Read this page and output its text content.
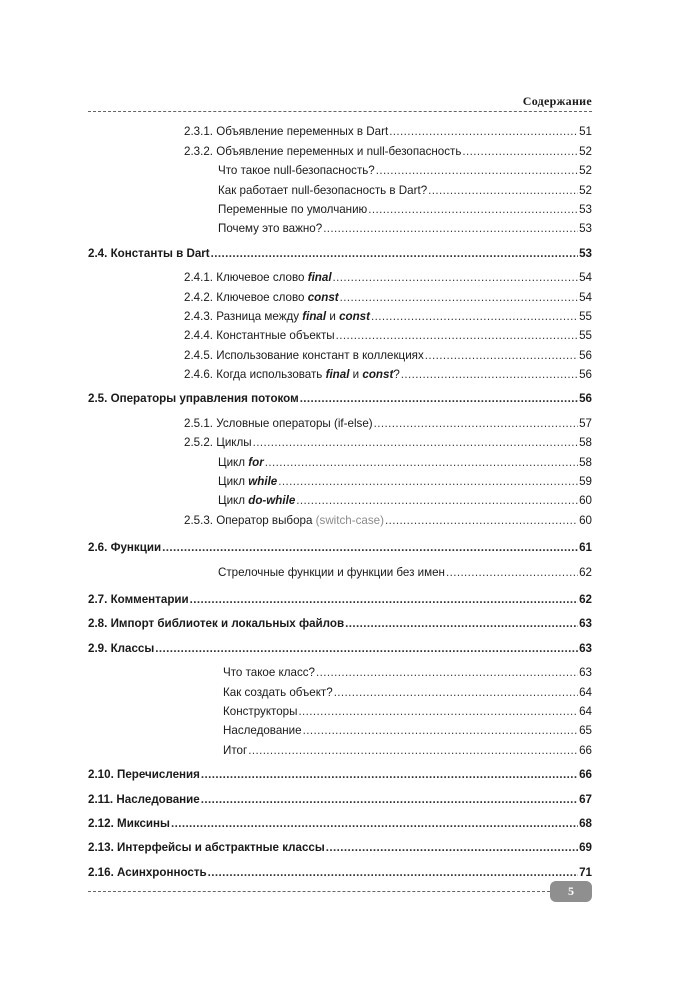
Содержание
2.3.1. Объявление переменных в Dart .....	51
2.3.2. Объявление переменных и null-безопасность .....	52
Что такое null-безопасность? .....	52
Как работает null-безопасность в Dart? .....	52
Переменные по умолчанию .....	53
Почему это важно? .....	53
2.4. Константы в Dart .....	53
2.4.1. Ключевое слово final .....	54
2.4.2. Ключевое слово const .....	54
2.4.3. Разница между final и const .....	55
2.4.4. Константные объекты .....	55
2.4.5. Использование констант в коллекциях .....	56
2.4.6. Когда использовать final и const? .....	56
2.5. Операторы управления потоком .....	56
2.5.1. Условные операторы (if-else) .....	57
2.5.2. Циклы .....	58
Цикл for .....	58
Цикл while .....	59
Цикл do-while .....	60
2.5.3. Оператор выбора (switch-case) .....	60
2.6. Функции .....	61
Стрелочные функции и функции без имен .....	62
2.7. Комментарии .....	62
2.8. Импорт библиотек и локальных файлов .....	63
2.9. Классы .....	63
Что такое класс? .....	63
Как создать объект? .....	64
Конструкторы .....	64
Наследование .....	65
Итог .....	66
2.10. Перечисления .....	66
2.11. Наследование .....	67
2.12. Миксины .....	68
2.13. Интерфейсы и абстрактные классы .....	69
2.16. Асинхронность .....	71
5
